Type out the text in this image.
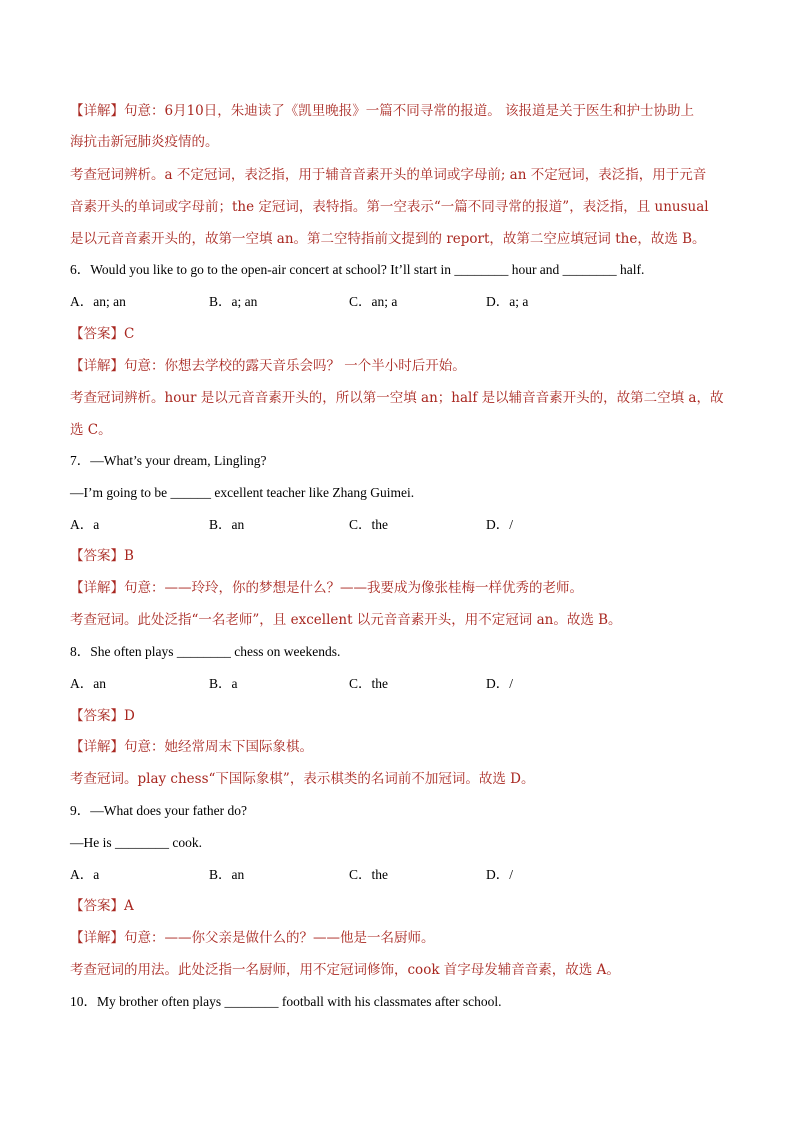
【详解】句意：6月10日，朱迪读了《凯里晚报》一篇不同寻常的报道。 该报道是关于医生和护士协助上
海抗击新冠肺炎疫情的。
考查冠词辨析。a 不定冠词，表泛指，用于辅音音素开头的单词或字母前; an 不定冠词，表泛指，用于元音
音素开头的单词或字母前；the 定冠词，表特指。第一空表示“一篇不同寻常的报道”，表泛指，且 unusual
是以元音音素开头的，故第一空填 an。第二空特指前文提到的 report，故第二空应填冠词 the，故选 B。
6．Would you like to go to the open-air concert at school? It’ll start in ________ hour and ________ half.
A．an; an	B．a; an	C．an; a	D．a; a
【答案】C
【详解】句意：你想去学校的露天音乐会吗？ 一个半小时后开始。
考查冠词辨析。hour 是以元音音素开头的，所以第一空填 an；half 是以辅音音素开头的，故第二空填 a，故
选 C。
7．—What’s your dream, Lingling?
—I’m going to be ______ excellent teacher like Zhang Guimei.
A．a	B．an	C．the	D．/
【答案】B
【详解】句意：——玲玲，你的梦想是什么？——我要成为像张桂梅一样优秀的老师。
考查冠词。此处泛指“一名老师”，且 excellent 以元音音素开头，用不定冠词 an。故选 B。
8．She often plays ________ chess on weekends.
A．an	B．a	C．the	D．/
【答案】D
【详解】句意：她经常周末下国际象棋。
考查冠词。play chess“下国际象棋”，表示棋类的名词前不加冠词。故选 D。
9．—What does your father do?
—He is ________ cook.
A．a	B．an	C．the	D．/
【答案】A
【详解】句意：——你父亲是做什么的？——他是一名厨师。
考查冠词的用法。此处泛指一名厨师，用不定冠词修饰，cook 首字母发辅音音素，故选 A。
10．My brother often plays ________ football with his classmates after school.
